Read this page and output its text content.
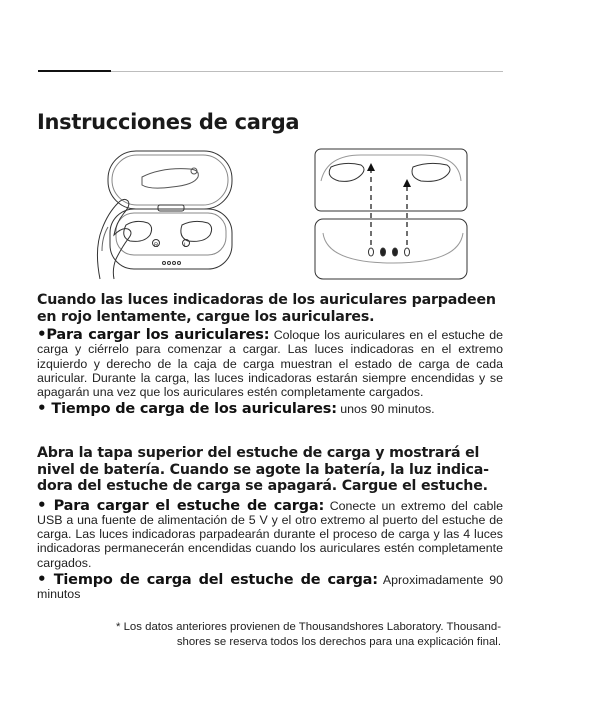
Instrucciones de carga
R	L

Cuando las luces indicadoras de los auriculares parpadeen en rojo lentamente, cargue los auriculares.

•Para cargar los auriculares: Coloque los auriculares en el estuche de carga y ciérrelo para comenzar a cargar. Las luces indicadoras en el extremo izquierdo y derecho de la caja de carga muestran el estado de carga de cada auricular. Durante la carga, las luces indicadoras estarán siempre encendidas y se apagarán una vez que los auriculares estén completamente cargados.

• Tiempo de carga de los auriculares: unos 90 minutos.

Abra la tapa superior del estuche de carga y mostrará el nivel de batería. Cuando se agote la batería, la luz indica-dora del estuche de carga se apagará. Cargue el estuche.

• Para cargar el estuche de carga: Conecte un extremo del cable USB a una fuente de alimentación de 5 V y el otro extremo al puerto del estuche de carga. Las luces indicadoras parpadearán durante el proceso de carga y las 4 luces indicadoras permanecerán encendidas cuando los auriculares estén completamente cargados.

• Tiempo de carga del estuche de carga: Aproximadamente 90 minutos

* Los datos anteriores provienen de Thousandshores Laboratory. Thousand-
shores se reserva todos los derechos para una explicación final.
